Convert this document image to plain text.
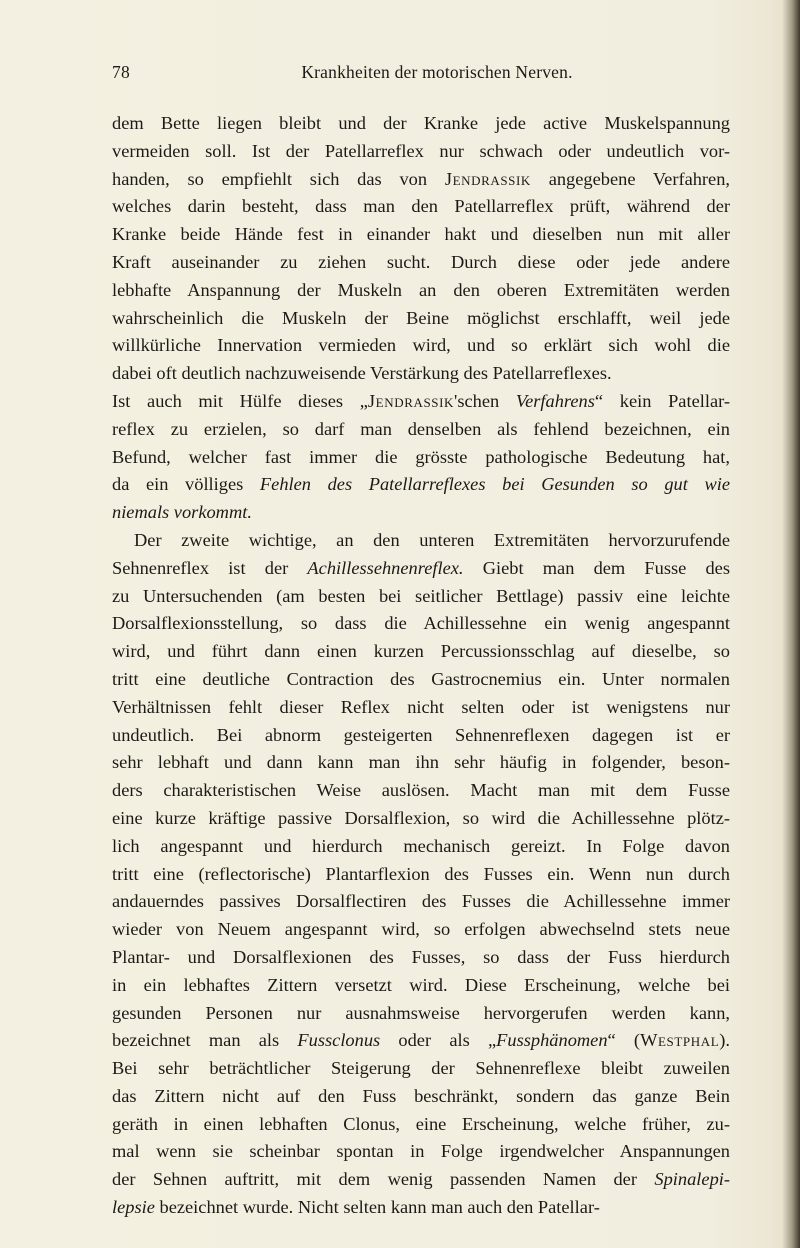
78	Krankheiten der motorischen Nerven.
dem Bette liegen bleibt und der Kranke jede active Muskelspannung
vermeiden soll. Ist der Patellarreflex nur schwach oder undeutlich vor-
handen, so empfiehlt sich das von Jendrassik angegebene Verfahren,
welches darin besteht, dass man den Patellarreflex prüft, während der
Kranke beide Hände fest in einander hakt und dieselben nun mit aller
Kraft auseinander zu ziehen sucht. Durch diese oder jede andere
lebhafte Anspannung der Muskeln an den oberen Extremitäten werden
wahrscheinlich die Muskeln der Beine möglichst erschlafft, weil jede
willkürliche Innervation vermieden wird, und so erklärt sich wohl die
dabei oft deutlich nachzuweisende Verstärkung des Patellarreflexes.
Ist auch mit Hülfe dieses „Jendrassik'schen Verfahrens“ kein Patellar-
reflex zu erzielen, so darf man denselben als fehlend bezeichnen, ein
Befund, welcher fast immer die grösste pathologische Bedeutung hat,
da ein völliges Fehlen des Patellarreflexes bei Gesunden so gut wie
niemals vorkommt.
Der zweite wichtige, an den unteren Extremitäten hervorzurufende
Sehnenreflex ist der Achillessehnenreflex. Giebt man dem Fusse des
zu Untersuchenden (am besten bei seitlicher Bettlage) passiv eine leichte
Dorsalflexionsstellung, so dass die Achillessehne ein wenig angespannt
wird, und führt dann einen kurzen Percussionsschlag auf dieselbe, so
tritt eine deutliche Contraction des Gastrocnemius ein. Unter normalen
Verhältnissen fehlt dieser Reflex nicht selten oder ist wenigstens nur
undeutlich. Bei abnorm gesteigerten Sehnenreflexen dagegen ist er
sehr lebhaft und dann kann man ihn sehr häufig in folgender, beson-
ders charakteristischen Weise auslösen. Macht man mit dem Fusse
eine kurze kräftige passive Dorsalflexion, so wird die Achillessehne plötz-
lich angespannt und hierdurch mechanisch gereizt. In Folge davon
tritt eine (reflectorische) Plantarflexion des Fusses ein. Wenn nun durch
andauerndes passives Dorsalflectiren des Fusses die Achillessehne immer
wieder von Neuem angespannt wird, so erfolgen abwechselnd stets neue
Plantar- und Dorsalflexionen des Fusses, so dass der Fuss hierdurch
in ein lebhaftes Zittern versetzt wird. Diese Erscheinung, welche bei
gesunden Personen nur ausnahmsweise hervorgerufen werden kann,
bezeichnet man als Fussclonus oder als „Fussphänomen“ (Westphal).
Bei sehr beträchtlicher Steigerung der Sehnenreflexe bleibt zuweilen
das Zittern nicht auf den Fuss beschränkt, sondern das ganze Bein
geräth in einen lebhaften Clonus, eine Erscheinung, welche früher, zu-
mal wenn sie scheinbar spontan in Folge irgendwelcher Anspannungen
der Sehnen auftritt, mit dem wenig passenden Namen der Spinalepi-
lepsie bezeichnet wurde. Nicht selten kann man auch den Patellar-
